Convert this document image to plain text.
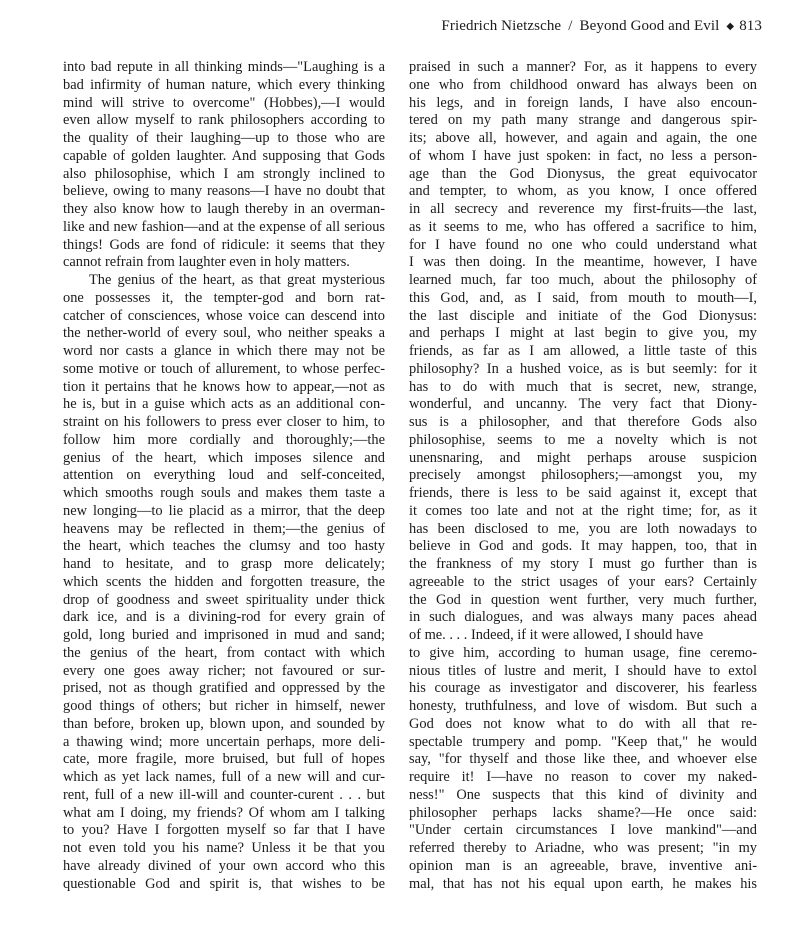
Friedrich Nietzsche / Beyond Good and Evil ◆ 813
into bad repute in all thinking minds—"Laughing is a
bad infirmity of human nature, which every thinking
mind will strive to overcome" (Hobbes),—I would
even allow myself to rank philosophers according to
the quality of their laughing—up to those who are
capable of golden laughter. And supposing that Gods
also philosophise, which I am strongly inclined to
believe, owing to many reasons—I have no doubt that
they also know how to laugh thereby in an overman-
like and new fashion—and at the expense of all serious
things! Gods are fond of ridicule: it seems that they
cannot refrain from laughter even in holy matters.
The genius of the heart, as that great mysterious
one possesses it, the tempter-god and born rat-
catcher of consciences, whose voice can descend into
the nether-world of every soul, who neither speaks a
word nor casts a glance in which there may not be
some motive or touch of allurement, to whose perfec-
tion it pertains that he knows how to appear,—not as
he is, but in a guise which acts as an additional con-
straint on his followers to press ever closer to him, to
follow him more cordially and thoroughly;—the
genius of the heart, which imposes silence and
attention on everything loud and self-conceited,
which smooths rough souls and makes them taste a
new longing—to lie placid as a mirror, that the deep
heavens may be reflected in them;—the genius of
the heart, which teaches the clumsy and too hasty
hand to hesitate, and to grasp more delicately;
which scents the hidden and forgotten treasure, the
drop of goodness and sweet spirituality under thick
dark ice, and is a divining-rod for every grain of
gold, long buried and imprisoned in mud and sand;
the genius of the heart, from contact with which
every one goes away richer; not favoured or sur-
prised, not as though gratified and oppressed by the
good things of others; but richer in himself, newer
than before, broken up, blown upon, and sounded by
a thawing wind; more uncertain perhaps, more deli-
cate, more fragile, more bruised, but full of hopes
which as yet lack names, full of a new will and cur-
rent, full of a new ill-will and counter-curent . . . but
what am I doing, my friends? Of whom am I talking
to you? Have I forgotten myself so far that I have
not even told you his name? Unless it be that you
have already divined of your own accord who this
questionable God and spirit is, that wishes to be
praised in such a manner? For, as it happens to every
one who from childhood onward has always been on
his legs, and in foreign lands, I have also encoun-
tered on my path many strange and dangerous spir-
its; above all, however, and again and again, the one
of whom I have just spoken: in fact, no less a person-
age than the God Dionysus, the great equivocator
and tempter, to whom, as you know, I once offered
in all secrecy and reverence my first-fruits—the last,
as it seems to me, who has offered a sacrifice to him,
for I have found no one who could understand what
I was then doing. In the meantime, however, I have
learned much, far too much, about the philosophy of
this God, and, as I said, from mouth to mouth—I,
the last disciple and initiate of the God Dionysus:
and perhaps I might at last begin to give you, my
friends, as far as I am allowed, a little taste of this
philosophy? In a hushed voice, as is but seemly: for it
has to do with much that is secret, new, strange,
wonderful, and uncanny. The very fact that Diony-
sus is a philosopher, and that therefore Gods also
philosophise, seems to me a novelty which is not
unensnaring, and might perhaps arouse suspicion
precisely amongst philosophers;—amongst you, my
friends, there is less to be said against it, except that
it comes too late and not at the right time; for, as it
has been disclosed to me, you are loth nowadays to
believe in God and gods. It may happen, too, that in
the frankness of my story I must go further than is
agreeable to the strict usages of your ears? Certainly
the God in question went further, very much further,
in such dialogues, and was always many paces ahead
of me. . . . Indeed, if it were allowed, I should have
to give him, according to human usage, fine ceremo-
nious titles of lustre and merit, I should have to extol
his courage as investigator and discoverer, his fearless
honesty, truthfulness, and love of wisdom. But such a
God does not know what to do with all that re-
spectable trumpery and pomp. "Keep that," he would
say, "for thyself and those like thee, and whoever else
require it! I—have no reason to cover my naked-
ness!" One suspects that this kind of divinity and
philosopher perhaps lacks shame?—He once said:
"Under certain circumstances I love mankind"—and
referred thereby to Ariadne, who was present; "in my
opinion man is an agreeable, brave, inventive ani-
mal, that has not his equal upon earth, he makes his
